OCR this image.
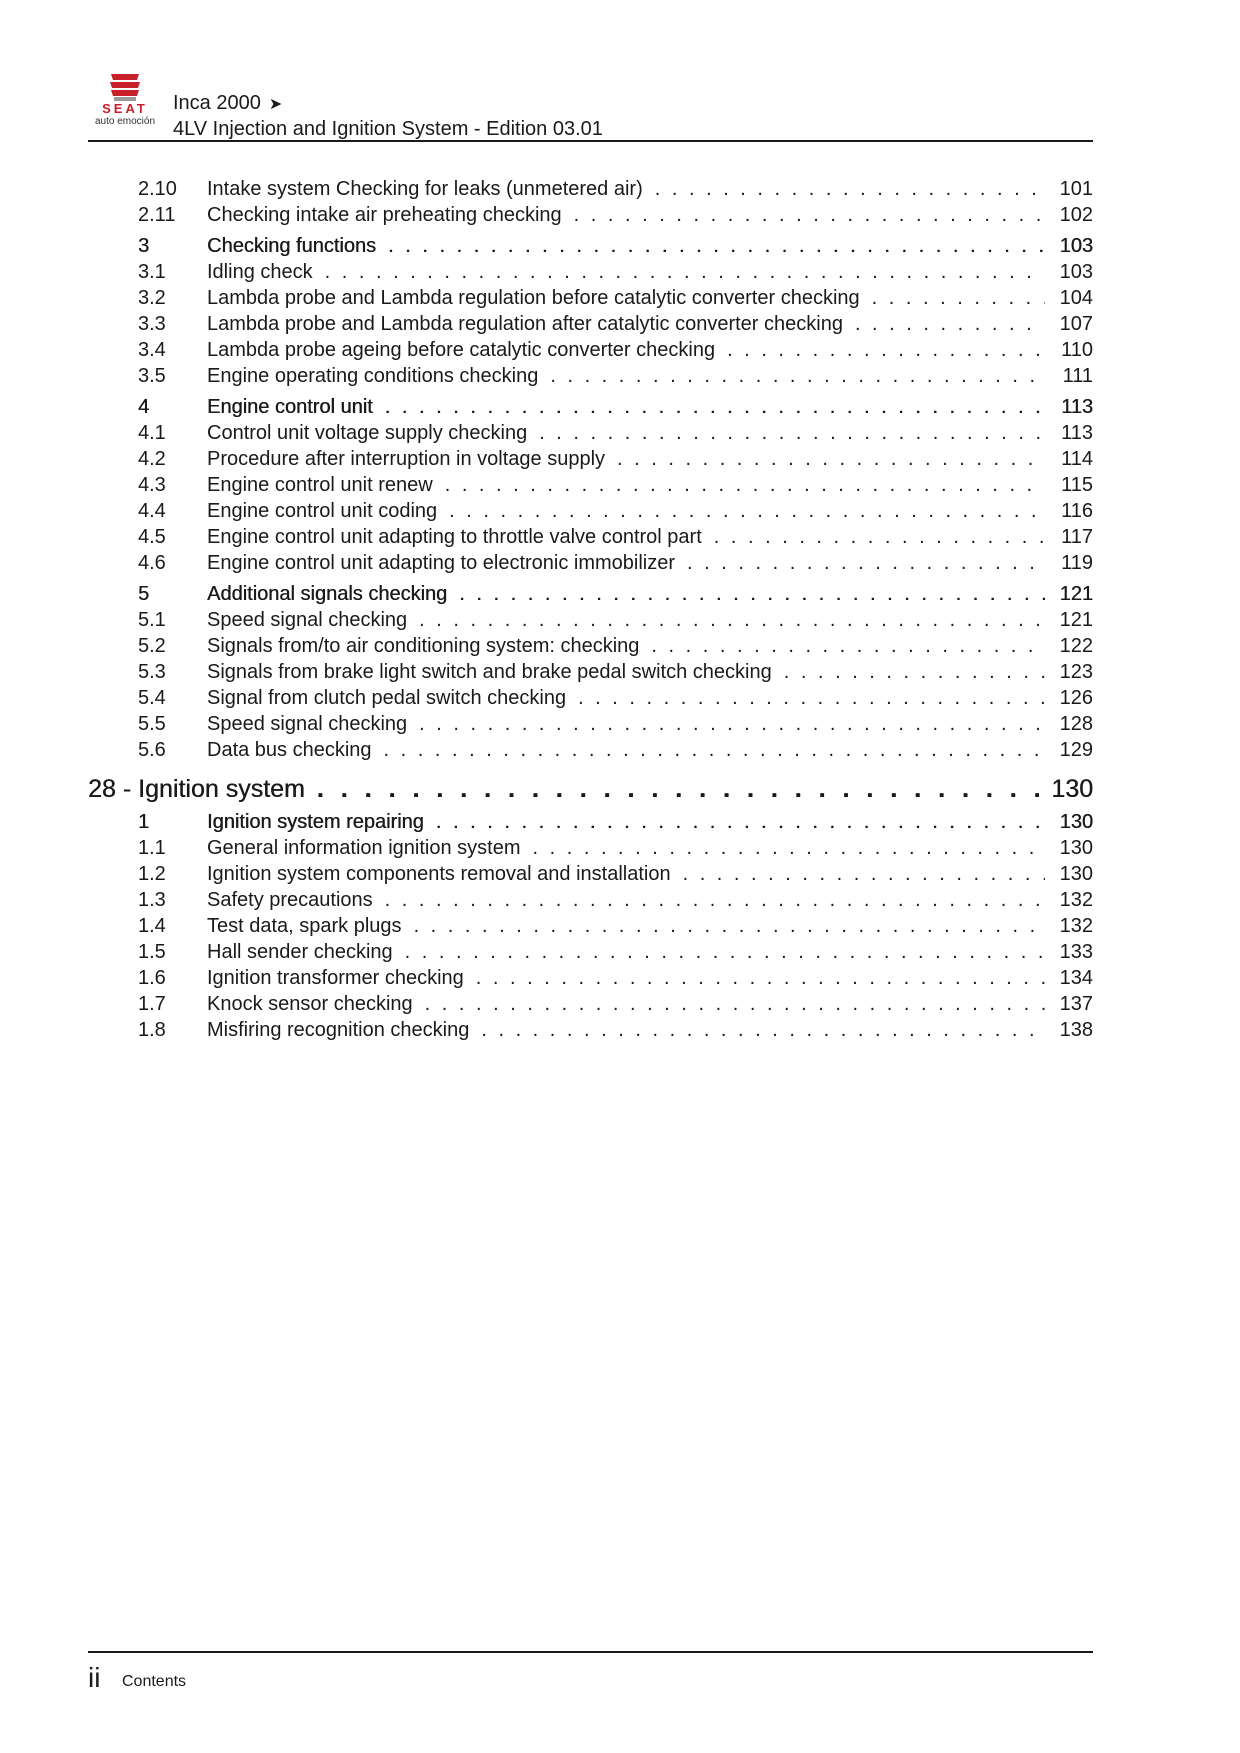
SEAT
auto emoción
Inca 2000 ➤
4LV Injection and Ignition System - Edition 03.01
2.10 Intake system Checking for leaks (unmetered air) . . .	101
2.11 Checking intake air preheating checking . . .	102
3	Checking functions . . .	103
3.1 Idling check . . .	103
3.2 Lambda probe and Lambda regulation before catalytic converter checking . . .	104
3.3 Lambda probe and Lambda regulation after catalytic converter checking . . .	107
3.4 Lambda probe ageing before catalytic converter checking . . .	110
3.5 Engine operating conditions checking . . .	111
4	Engine control unit . . .	113
4.1 Control unit voltage supply checking . . .	113
4.2 Procedure after interruption in voltage supply . . .	114
4.3 Engine control unit renew . . .	115
4.4 Engine control unit coding . . .	116
4.5 Engine control unit adapting to throttle valve control part . . .	117
4.6 Engine control unit adapting to electronic immobilizer . . .	119
5	Additional signals checking . . .	121
5.1 Speed signal checking . . .	121
5.2 Signals from/to air conditioning system: checking . . .	122
5.3 Signals from brake light switch and brake pedal switch checking . . .	123
5.4 Signal from clutch pedal switch checking . . .	126
5.5 Speed signal checking . . .	128
5.6 Data bus checking . . .	129
28 - Ignition system . . .	130
1	Ignition system repairing . . .	130
1.1 General information ignition system . . .	130
1.2 Ignition system components removal and installation . . .	130
1.3 Safety precautions . . .	132
1.4 Test data, spark plugs . . .	132
1.5 Hall sender checking . . .	133
1.6 Ignition transformer checking . . .	134
1.7 Knock sensor checking . . .	137
1.8 Misfiring recognition checking . . .	138
ii Contents
